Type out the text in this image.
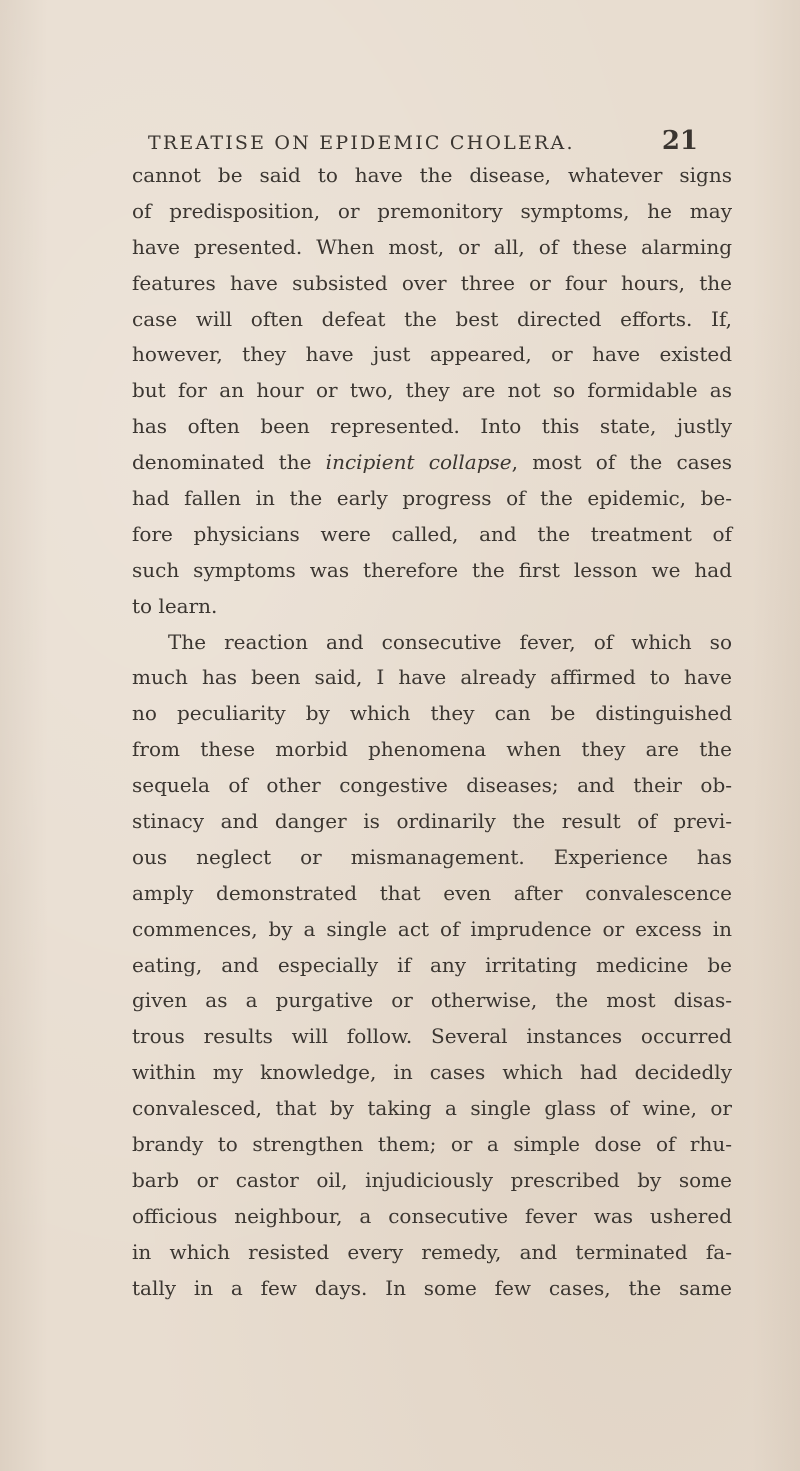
TREATISE ON EPIDEMIC CHOLERA.	21
cannot be said to have the disease, whatever signs
of predisposition, or premonitory symptoms, he may
have presented. When most, or all, of these alarming
features have subsisted over three or four hours, the
case will often defeat the best directed efforts. If,
however, they have just appeared, or have existed
but for an hour or two, they are not so formidable as
has often been represented. Into this state, justly
denominated the incipient collapse, most of the cases
had fallen in the early progress of the epidemic, be-
fore physicians were called, and the treatment of
such symptoms was therefore the first lesson we had
to learn.
The reaction and consecutive fever, of which so
much has been said, I have already affirmed to have
no peculiarity by which they can be distinguished
from these morbid phenomena when they are the
sequela of other congestive diseases; and their ob-
stinacy and danger is ordinarily the result of previ-
ous neglect or mismanagement. Experience has
amply demonstrated that even after convalescence
commences, by a single act of imprudence or excess in
eating, and especially if any irritating medicine be
given as a purgative or otherwise, the most disas-
trous results will follow. Several instances occurred
within my knowledge, in cases which had decidedly
convalesced, that by taking a single glass of wine, or
brandy to strengthen them; or a simple dose of rhu-
barb or castor oil, injudiciously prescribed by some
officious neighbour, a consecutive fever was ushered
in which resisted every remedy, and terminated fa-
tally in a few days. In some few cases, the same
